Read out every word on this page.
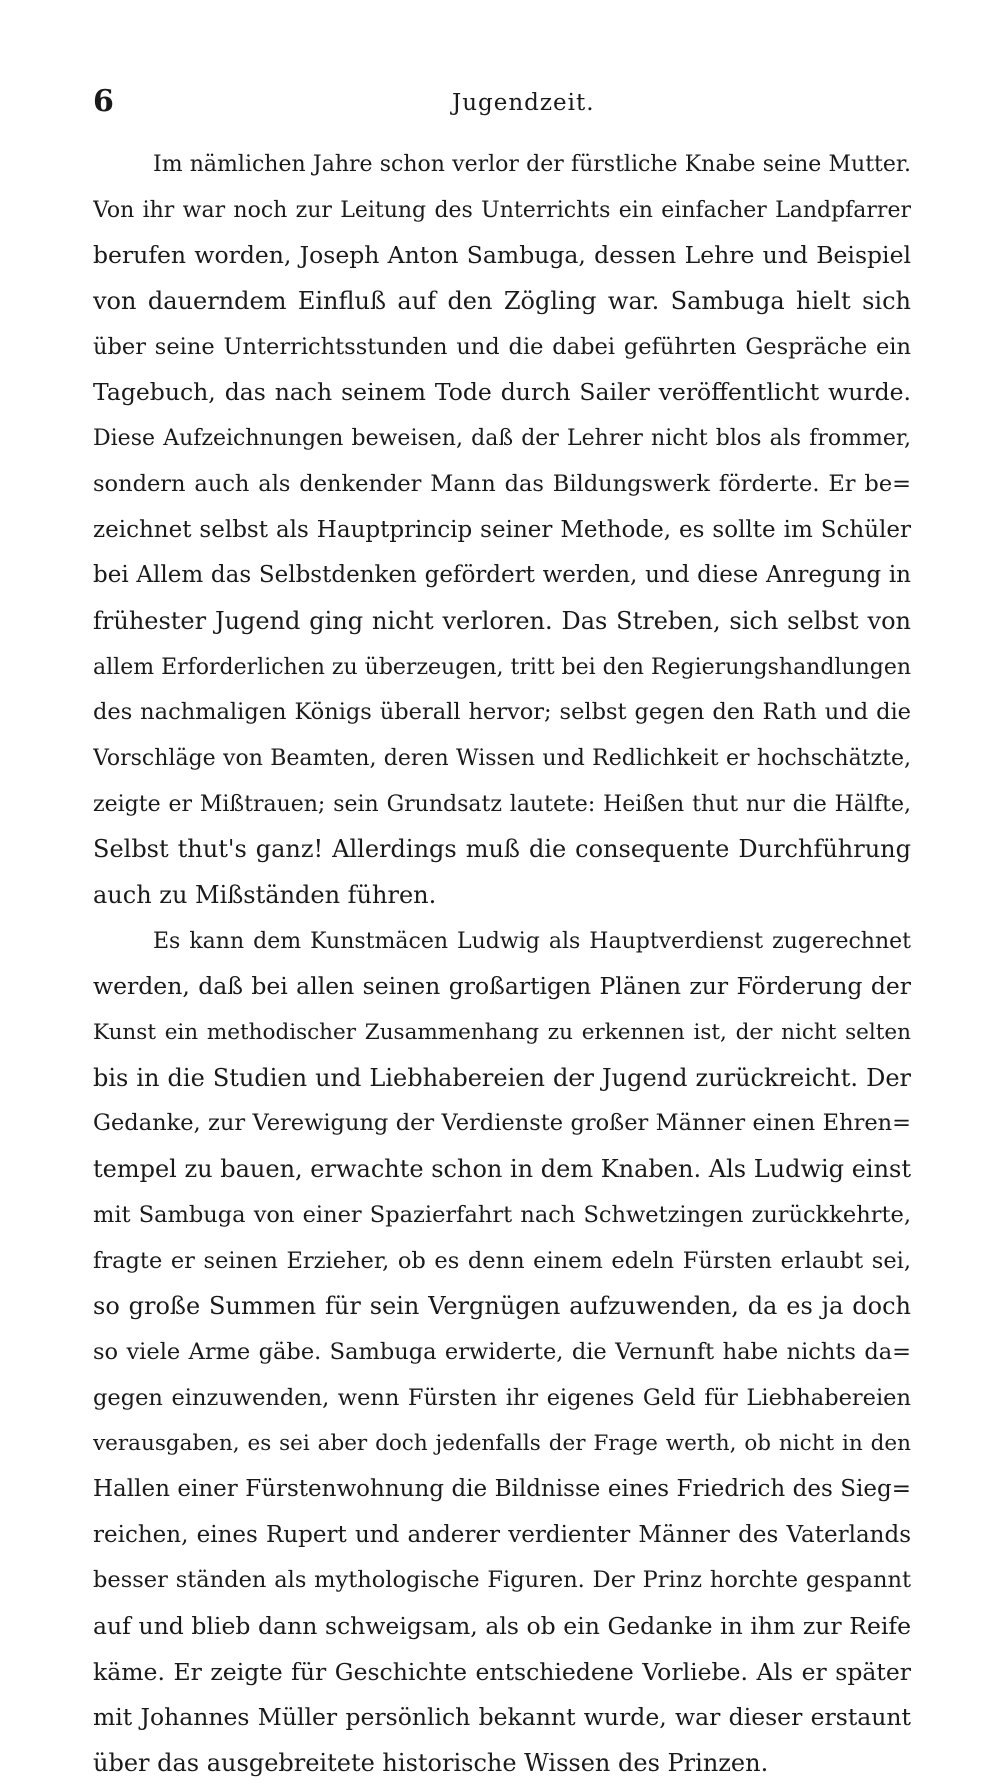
6	Jugendzeit.
Im nämlichen Jahre schon verlor der fürstliche Knabe seine Mutter.
Von ihr war noch zur Leitung des Unterrichts ein einfacher Landpfarrer
berufen worden, Joseph Anton Sambuga, dessen Lehre und Beispiel
von dauerndem Einfluß auf den Zögling war. Sambuga hielt sich
über seine Unterrichtsstunden und die dabei geführten Gespräche ein
Tagebuch, das nach seinem Tode durch Sailer veröffentlicht wurde.
Diese Aufzeichnungen beweisen, daß der Lehrer nicht blos als frommer,
sondern auch als denkender Mann das Bildungswerk förderte. Er be=
zeichnet selbst als Hauptprincip seiner Methode, es sollte im Schüler
bei Allem das Selbstdenken gefördert werden, und diese Anregung in
frühester Jugend ging nicht verloren. Das Streben, sich selbst von
allem Erforderlichen zu überzeugen, tritt bei den Regierungshandlungen
des nachmaligen Königs überall hervor; selbst gegen den Rath und die
Vorschläge von Beamten, deren Wissen und Redlichkeit er hochschätzte,
zeigte er Mißtrauen; sein Grundsatz lautete: Heißen thut nur die Hälfte,
Selbst thut's ganz! Allerdings muß die consequente Durchführung
auch zu Mißständen führen.
Es kann dem Kunstmäcen Ludwig als Hauptverdienst zugerechnet
werden, daß bei allen seinen großartigen Plänen zur Förderung der
Kunst ein methodischer Zusammenhang zu erkennen ist, der nicht selten
bis in die Studien und Liebhabereien der Jugend zurückreicht. Der
Gedanke, zur Verewigung der Verdienste großer Männer einen Ehren=
tempel zu bauen, erwachte schon in dem Knaben. Als Ludwig einst
mit Sambuga von einer Spazierfahrt nach Schwetzingen zurückkehrte,
fragte er seinen Erzieher, ob es denn einem edeln Fürsten erlaubt sei,
so große Summen für sein Vergnügen aufzuwenden, da es ja doch
so viele Arme gäbe. Sambuga erwiderte, die Vernunft habe nichts da=
gegen einzuwenden, wenn Fürsten ihr eigenes Geld für Liebhabereien
verausgaben, es sei aber doch jedenfalls der Frage werth, ob nicht in den
Hallen einer Fürstenwohnung die Bildnisse eines Friedrich des Sieg=
reichen, eines Rupert und anderer verdienter Männer des Vaterlands
besser ständen als mythologische Figuren. Der Prinz horchte gespannt
auf und blieb dann schweigsam, als ob ein Gedanke in ihm zur Reife
käme. Er zeigte für Geschichte entschiedene Vorliebe. Als er später
mit Johannes Müller persönlich bekannt wurde, war dieser erstaunt
über das ausgebreitete historische Wissen des Prinzen.
